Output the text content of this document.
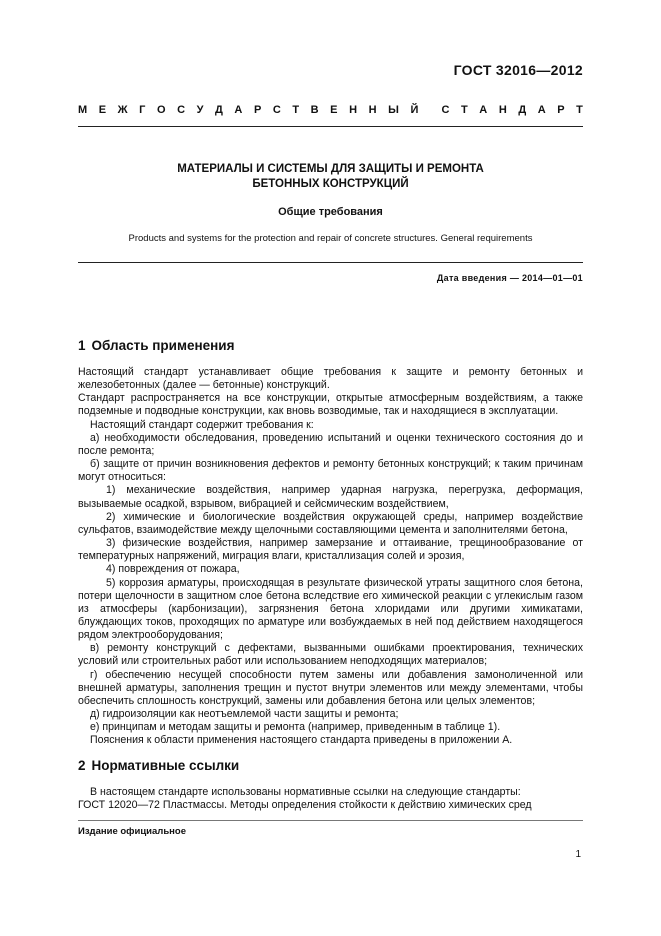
ГОСТ 32016—2012
М Е Ж Г О С У Д А Р С Т В Е Н Н Ы Й С Т А Н Д А Р Т
МАТЕРИАЛЫ И СИСТЕМЫ ДЛЯ ЗАЩИТЫ И РЕМОНТА
БЕТОННЫХ КОНСТРУКЦИЙ
Общие требования
Products and systems for the protection and repair of concrete structures. General requirements
Дата введения — 2014—01—01
1 Область применения

Настоящий стандарт устанавливает общие требования к защите и ремонту бетонных и железобетонных (далее — бетонные) конструкций.

Стандарт распространяется на все конструкции, открытые атмосферным воздействиям, а также подземные и подводные конструкции, как вновь возводимые, так и находящиеся в эксплуатации.

Настоящий стандарт содержит требования к:

а) необходимости обследования, проведению испытаний и оценки технического состояния до и после ремонта;

б) защите от причин возникновения дефектов и ремонту бетонных конструкций; к таким причинам могут относиться:

1) механические воздействия, например ударная нагрузка, перегрузка, деформация, вызываемые осадкой, взрывом, вибрацией и сейсмическим воздействием,

2) химические и биологические воздействия окружающей среды, например воздействие сульфатов, взаимодействие между щелочными составляющими цемента и заполнителями бетона,

3) физические воздействия, например замерзание и оттаивание, трещинообразование от температурных напряжений, миграция влаги, кристаллизация солей и эрозия,

4) повреждения от пожара,

5) коррозия арматуры, происходящая в результате физической утраты защитного слоя бетона, потери щелочности в защитном слое бетона вследствие его химической реакции с углекислым газом из атмосферы (карбонизации), загрязнения бетона хлоридами или другими химикатами, блуждающих токов, проходящих по арматуре или возбуждаемых в ней под действием находящегося рядом электрооборудования;

в) ремонту конструкций с дефектами, вызванными ошибками проектирования, технических условий или строительных работ или использованием неподходящих материалов;

г) обеспечению несущей способности путем замены или добавления замоноличенной или внешней арматуры, заполнения трещин и пустот внутри элементов или между элементами, чтобы обеспечить сплошность конструкций, замены или добавления бетона или целых элементов;

д) гидроизоляции как неотъемлемой части защиты и ремонта;

е) принципам и методам защиты и ремонта (например, приведенным в таблице 1).

Пояснения к области применения настоящего стандарта приведены в приложении А.

2 Нормативные ссылки

В настоящем стандарте использованы нормативные ссылки на следующие стандарты:

ГОСТ 12020—72 Пластмассы. Методы определения стойкости к действию химических сред

Издание официальное
1
